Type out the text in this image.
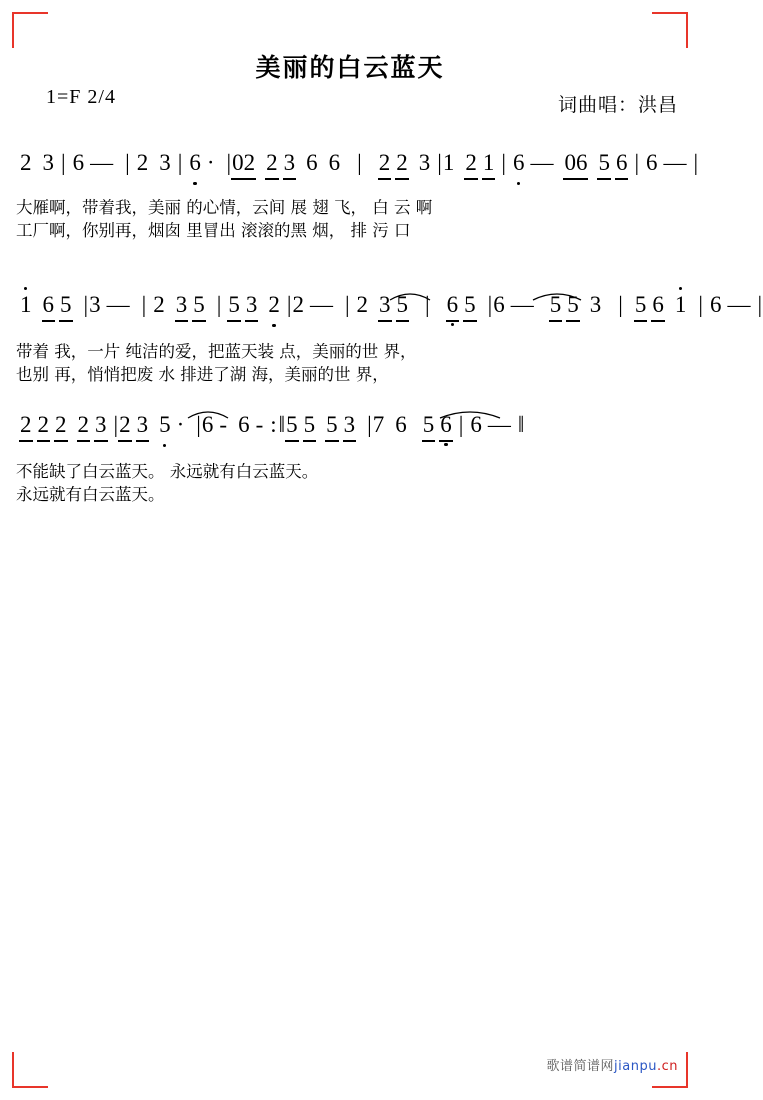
美丽的白云蓝天
1=F 2/4	词曲唱：洪昌
2 3 | 6 — | 2 3 | 6 · |02 2 3 6 6 | 2 2 3 |1 2 1 | 6 — 06 5 6 | 6 — |
大雁啊，带着我，美丽 的心情，云间 展 翅 飞， 白 云 啊
工厂啊，你别再，烟囱 里冒出 滚滚的黑 烟， 排 污 口
1 6 5 |3 — | 2 3 5 | 5 3 2 |2 — | 2 3 5 | 6 5 |6 — 5 5 3 | 5 6 1 | 6 — |
带着 我，一片 纯洁的爱，把蓝天装 点，美丽的世 界，
也别 再，悄悄把废 水 排进了湖 海，美丽的世 界，
2 2 2 2 3 |2 3 5 · |6 - 6 - :‖5 5 5 3 |7 6 5 6 | 6 — ‖
不能缺了白云蓝天。 永远就有白云蓝天。
永远就有白云蓝天。
歌谱简谱网jianpu.cn
